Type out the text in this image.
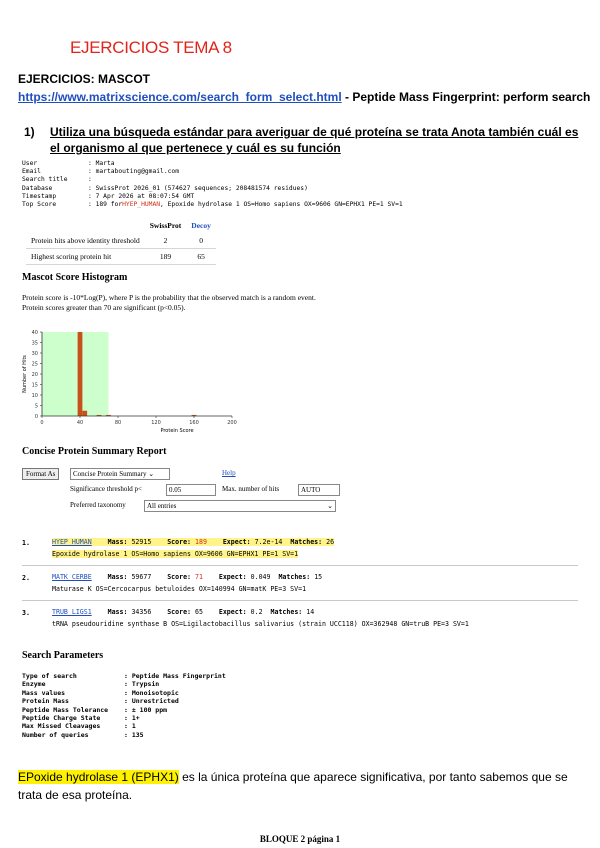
EJERCICIOS TEMA 8
EJERCICIOS: MASCOT
https://www.matrixscience.com/search_form_select.html - Peptide Mass Fingerprint: perform search
1) Utiliza una búsqueda estándar para averiguar de qué proteína se trata Anota también cuál es el organismo al que pertenece y cuál es su función
User	: Marta
Email	: martabouting@gmail.com
Search title	:
Database	: SwissProt 2026_01 (574627 sequences; 208481574 residues)
Timestamp	: 7 Apr 2026 at 08:07:54 GMT
Top Score	: 189 for HYEP_HUMAN , Epoxide hydrolase 1 OS=Homo sapiens OX=9606 GN=EPHX1 PE=1 SV=1
	SwissProt	Decoy
Protein hits above identity threshold	2	0
Highest scoring protein hit	189	65
Mascot Score Histogram
Protein score is -10*Log(P), where P is the probability that the observed match is a random event.
Protein scores greater than 70 are significant (p<0.05).
0
5
10
15
20
25
30
35
40
0	40	80	120	160	200
Protein Score
Number of Hits
Concise Protein Summary Report
Format As	Concise Protein Summary ⌄	Help
Significance threshold p<	0.05	Max. number of hits	AUTO
Preferred taxonomy	All entries	⌄
1.	HYEP_HUMAN Mass: 52915 Score: 189 Expect: 7.2e-14 Matches: 26
Epoxide hydrolase 1 OS=Homo sapiens OX=9606 GN=EPHX1 PE=1 SV=1
2.	MATK_CERBE Mass: 59677 Score: 71 Expect: 0.049 Matches: 15
Maturase K OS=Cercocarpus betuloides OX=140994 GN=matK PE=3 SV=1
3.	TRUB_LIGS1 Mass: 34356 Score: 65 Expect: 0.2 Matches: 14
tRNA pseudouridine synthase B OS=Ligilactobacillus salivarius (strain UCC118) OX=362948 GN=truB PE=3 SV=1
Search Parameters
Type of search	: Peptide Mass Fingerprint
Enzyme	: Trypsin
Mass values	: Monoisotopic
Protein Mass	: Unrestricted
Peptide Mass Tolerance	: ± 100 ppm
Peptide Charge State	: 1+
Max Missed Cleavages	: 1
Number of queries	: 135
EPoxide hydrolase 1 (EPHX1) es la única proteína que aparece significativa, por tanto sabemos que se trata de esa proteína.
BLOQUE 2 página 1
